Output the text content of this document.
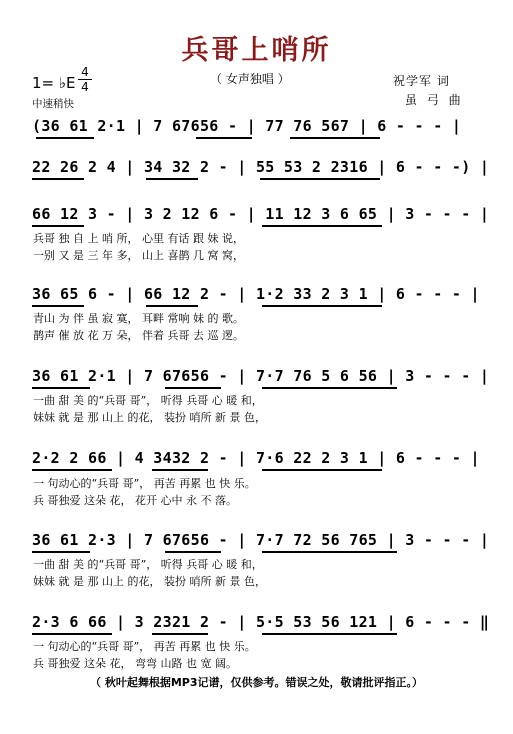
兵哥上哨所
（ 女声独唱 ）
1= ♭E
4
4
中速稍快
祝学军 词
虽 弓 曲
(36 61 2·1 | 7 67656 - | 77 76 567 | 6 - - - |
22 26 2 4 | 34 32 2 - | 55 53 2 2316 | 6 - - -) |
66 12 3 - | 3 2 12 6 - | 11 12 3 6 65 | 3 - - - |
兵哥 独 自 上 哨 所， 心里 有话 跟 妹 说，
一别 又 是 三 年 多， 山上 喜鹊 几 窝 窝，
36 65 6 - | 66 12 2 - | 1·2 33 2 3 1 | 6 - - - |
青山 为 伴 虽 寂 寞， 耳畔 常响 妹 的 歌。
鹊声 催 放 花 万 朵， 伴着 兵哥 去 巡 逻。
36 61 2·1 | 7 67656 - | 7·7 76 5 6 56 | 3 - - - |
一曲 甜 美 的“兵哥 哥”， 听得 兵哥 心 暖 和，
妹妹 就 是 那 山上 的花， 装扮 哨所 新 景 色，
2·2 2 66 | 4 3432 2 - | 7·6 22 2 3 1 | 6 - - - |
一 句动心的“兵哥 哥”， 再苦 再累 也 快 乐。
兵 哥独爱 这朵 花， 花开 心中 永 不 落。
36 61 2·3 | 7 67656 - | 7·7 72 56 765 | 3 - - - |
一曲 甜 美 的“兵哥 哥”， 听得 兵哥 心 暖 和，
妹妹 就 是 那 山上 的花， 装扮 哨所 新 景 色，
2·3 6 66 | 3 2321 2 - | 5·5 53 56 121 | 6 - - - ‖
一 句动心的“兵哥 哥”， 再苦 再累 也 快 乐。
兵 哥独爱 这朵 花， 弯弯 山路 也 宽 阔。
（ 秋叶起舞根据MP3记谱，仅供参考。错误之处，敬请批评指正。）
